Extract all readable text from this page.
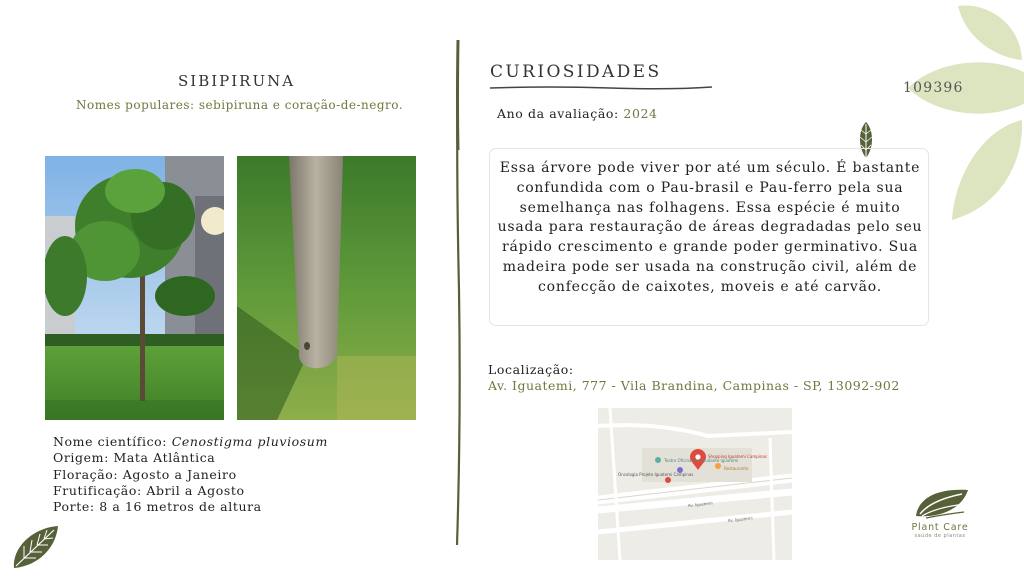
SIBIPIRUNA
Nomes populares: sebipiruna e coração-de-negro.
Nome científico: Cenostigma pluviosum
Origem: Mata Atlântica
Floração: Agosto a Janeiro
Frutificação: Abril a Agosto
Porte: 8 a 16 metros de altura
CURIOSIDADES
Ano da avaliação: 2024
Essa árvore pode viver por até um século. É bastante confundida com o Pau-brasil e Pau-ferro pela sua semelhança nas folhagens. Essa espécie é muito usada para restauração de áreas degradadas pelo seu rápido crescimento e grande poder germinativo. Sua madeira pode ser usada na construção civil, além de confecção de caixotes, moveis e até carvão.
Localização:
Av. Iguatemi, 777 - Vila Brandina, Campinas - SP, 13092-902
Teatro Oficina do Estudante Iguatemi
Shopping Iguatemi Campinas
Oncologia Projeto Iguatemi Campinas
Restaurante
Av. Iguatemi
Av. Iguatemi
109396
Plant Care
saúde de plantas
